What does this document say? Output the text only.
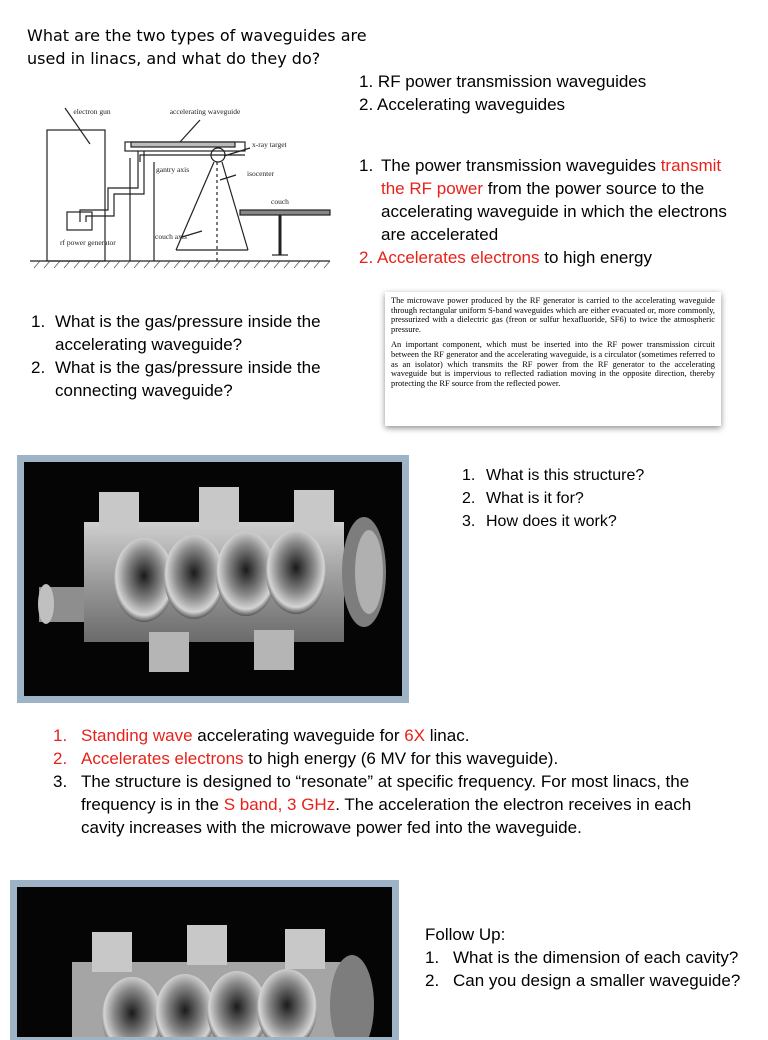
What are the two types of waveguides are used in linacs, and what do they do?
electron gun	accelerating waveguide
x-ray target
gantry axis	isocenter
couch
couch axis
rf power generator
1. RF power transmission waveguides
2. Accelerating waveguides
1. The power transmission waveguides transmit the RF power from the power source to the accelerating waveguide in which the electrons are accelerated
2. Accelerates electrons to high energy
1. What is the gas/pressure inside the accelerating waveguide?
2. What is the gas/pressure inside the connecting waveguide?

The microwave power produced by the RF generator is carried to the accelerating waveguide through rectangular uniform S-band waveguides which are either evacuated or, more commonly, pressurized with a dielectric gas (freon or sulfur hexafluoride, SF6) to twice the atmospheric pressure.

An important component, which must be inserted into the RF power transmission circuit between the RF generator and the accelerating waveguide, is a circulator (sometimes referred to as an isolator) which transmits the RF power from the RF generator to the accelerating waveguide but is impervious to reflected radiation moving in the opposite direction, thereby protecting the RF source from the reflected power.

1. What is this structure?
2. What is it for?
3. How does it work?
1. Standing wave accelerating waveguide for 6X linac.
2. Accelerates electrons to high energy (6 MV for this waveguide).
3. The structure is designed to “resonate” at specific frequency. For most linacs, the frequency is in the S band, 3 GHz. The acceleration the electron receives in each cavity increases with the microwave power fed into the waveguide.
Follow Up:
1. What is the dimension of each cavity?
2. Can you design a smaller waveguide?
